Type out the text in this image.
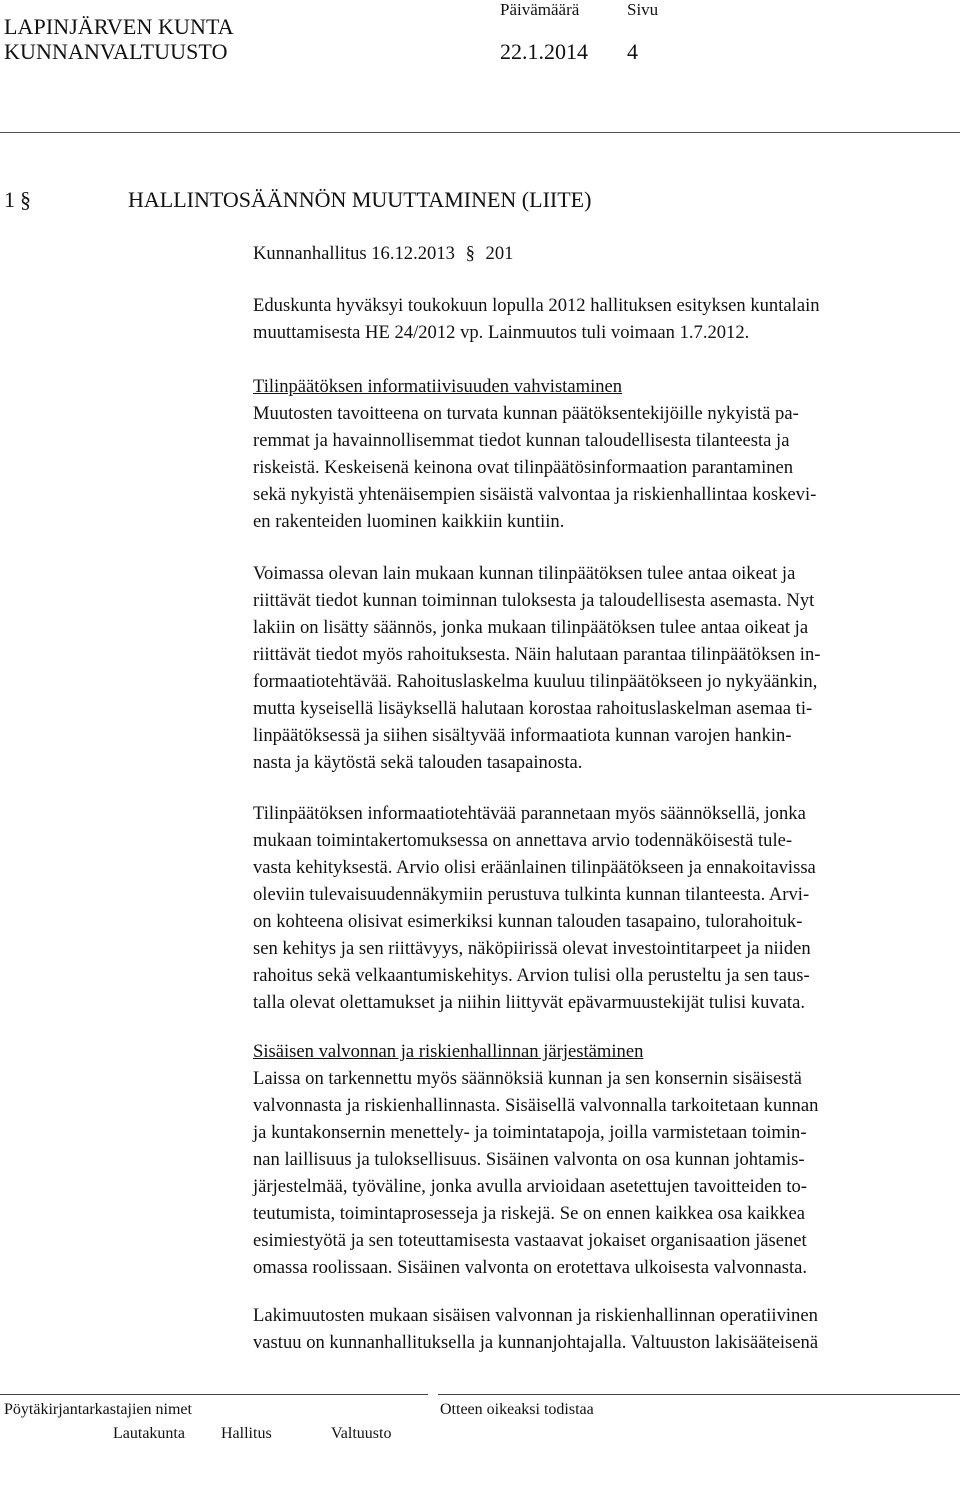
LAPINJÄRVEN KUNTA
KUNNANVALTUUSTO
Päivämäärä	Sivu
22.1.2014 4
1 §	HALLINTOSÄÄNNÖN MUUTTAMINEN (LIITE)
Kunnanhallitus 16.12.2013 § 201
Eduskunta hyväksyi toukokuun lopulla 2012 hallituksen esityksen kuntalain
muuttamisesta HE 24/2012 vp. Lainmuutos tuli voimaan 1.7.2012.
Tilinpäätöksen informatiivisuuden vahvistaminen
Muutosten tavoitteena on turvata kunnan päätöksentekijöille nykyistä pa-
remmat ja havainnollisemmat tiedot kunnan taloudellisesta tilanteesta ja
riskeistä. Keskeisenä keinona ovat tilinpäätösinformaation parantaminen
sekä nykyistä yhtenäisempien sisäistä valvontaa ja riskienhallintaa koskevi-
en rakenteiden luominen kaikkiin kuntiin.
Voimassa olevan lain mukaan kunnan tilinpäätöksen tulee antaa oikeat ja
riittävät tiedot kunnan toiminnan tuloksesta ja taloudellisesta asemasta. Nyt
lakiin on lisätty säännös, jonka mukaan tilinpäätöksen tulee antaa oikeat ja
riittävät tiedot myös rahoituksesta. Näin halutaan parantaa tilinpäätöksen in-
formaatiotehtävää. Rahoituslaskelma kuuluu tilinpäätökseen jo nykyäänkin,
mutta kyseisellä lisäyksellä halutaan korostaa rahoituslaskelman asemaa ti-
linpäätöksessä ja siihen sisältyvää informaatiota kunnan varojen hankin-
nasta ja käytöstä sekä talouden tasapainosta.
Tilinpäätöksen informaatiotehtävää parannetaan myös säännöksellä, jonka
mukaan toimintakertomuksessa on annettava arvio todennäköisestä tule-
vasta kehityksestä. Arvio olisi eräänlainen tilinpäätökseen ja ennakoitavissa
oleviin tulevaisuudennäkymiin perustuva tulkinta kunnan tilanteesta. Arvi-
on kohteena olisivat esimerkiksi kunnan talouden tasapaino, tulorahoituk-
sen kehitys ja sen riittävyys, näköpiirissä olevat investointitarpeet ja niiden
rahoitus sekä velkaantumiskehitys. Arvion tulisi olla perusteltu ja sen taus-
talla olevat olettamukset ja niihin liittyvät epävarmuustekijät tulisi kuvata.
Sisäisen valvonnan ja riskienhallinnan järjestäminen
Laissa on tarkennettu myös säännöksiä kunnan ja sen konsernin sisäisestä
valvonnasta ja riskienhallinnasta. Sisäisellä valvonnalla tarkoitetaan kunnan
ja kuntakonsernin menettely- ja toimintatapoja, joilla varmistetaan toimin-
nan laillisuus ja tuloksellisuus. Sisäinen valvonta on osa kunnan johtamis-
järjestelmää, työväline, jonka avulla arvioidaan asetettujen tavoitteiden to-
teutumista, toimintaprosesseja ja riskejä. Se on ennen kaikkea osa kaikkea
esimiestyötä ja sen toteuttamisesta vastaavat jokaiset organisaation jäsenet
omassa roolissaan. Sisäinen valvonta on erotettava ulkoisesta valvonnasta.
Lakimuutosten mukaan sisäisen valvonnan ja riskienhallinnan operatiivinen
vastuu on kunnanhallituksella ja kunnanjohtajalla. Valtuuston lakisääteisenä
Pöytäkirjantarkastajien nimet	Otteen oikeaksi todistaa
Lautakunta Hallitus	Valtuusto
